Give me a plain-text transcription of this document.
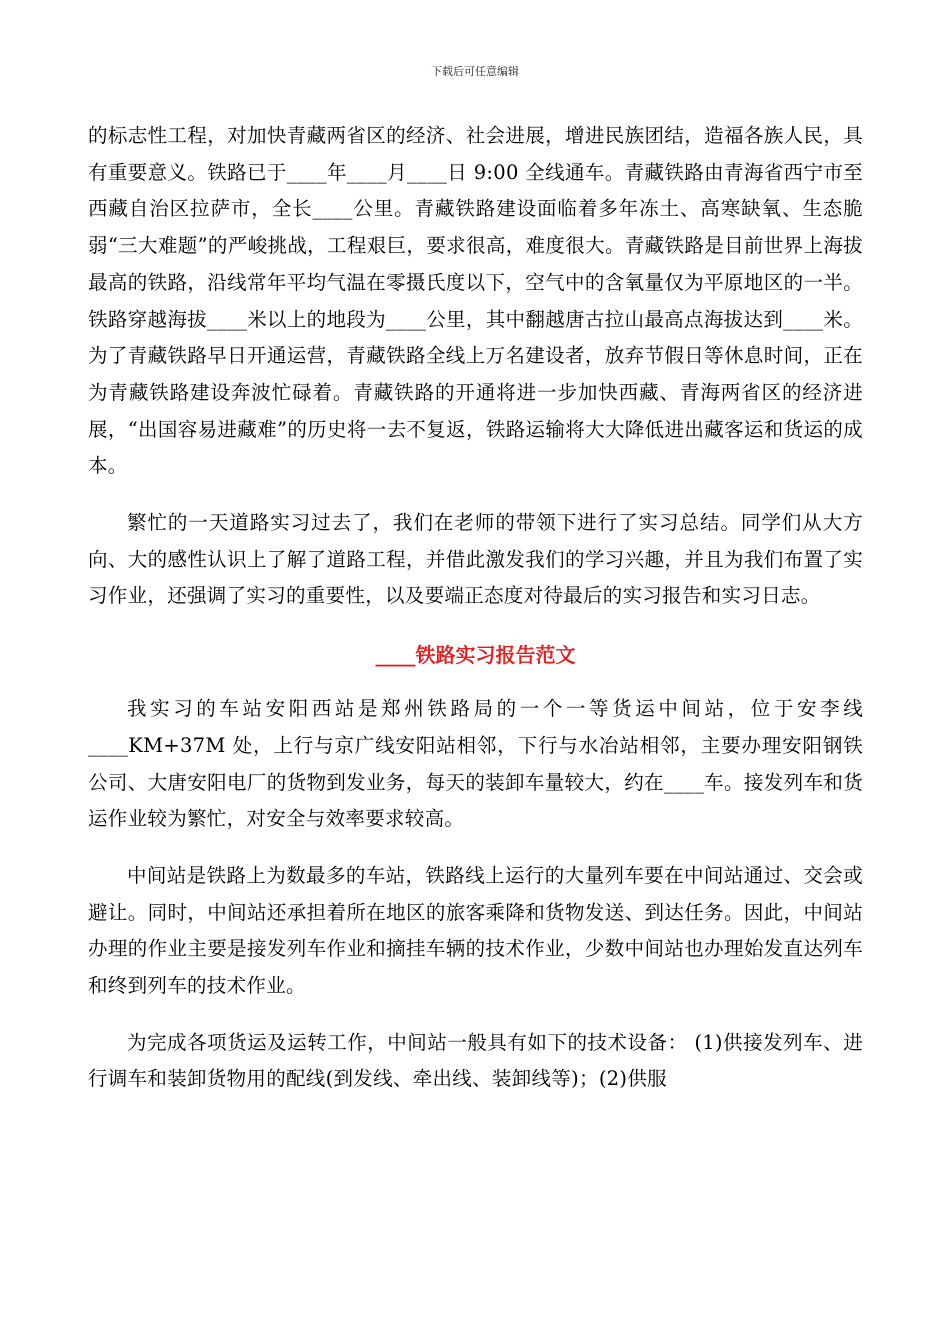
下载后可任意编辑

的标志性工程，对加快青藏两省区的经济、社会进展，增进民族团结，造福各族人民，具有重要意义。铁路已于____年____月____日 9:00 全线通车。青藏铁路由青海省西宁市至西藏自治区拉萨市，全长____公里。青藏铁路建设面临着多年冻土、高寒缺氧、生态脆弱“三大难题”的严峻挑战，工程艰巨，要求很高，难度很大。青藏铁路是目前世界上海拔最高的铁路，沿线常年平均气温在零摄氏度以下，空气中的含氧量仅为平原地区的一半。铁路穿越海拔____米以上的地段为____公里，其中翻越唐古拉山最高点海拔达到____米。为了青藏铁路早日开通运营，青藏铁路全线上万名建设者，放弃节假日等休息时间，正在为青藏铁路建设奔波忙碌着。青藏铁路的开通将进一步加快西藏、青海两省区的经济进展，“出国容易进藏难”的历史将一去不复返，铁路运输将大大降低进出藏客运和货运的成本。

繁忙的一天道路实习过去了，我们在老师的带领下进行了实习总结。同学们从大方向、大的感性认识上了解了道路工程，并借此激发我们的学习兴趣，并且为我们布置了实习作业，还强调了实习的重要性，以及要端正态度对待最后的实习报告和实习日志。

____铁路实习报告范文

我实习的车站安阳西站是郑州铁路局的一个一等货运中间站，位于安李线____KM+37M 处，上行与京广线安阳站相邻，下行与水冶站相邻，主要办理安阳钢铁公司、大唐安阳电厂的货物到发业务，每天的装卸车量较大，约在____车。接发列车和货运作业较为繁忙，对安全与效率要求较高。

中间站是铁路上为数最多的车站，铁路线上运行的大量列车要在中间站通过、交会或避让。同时，中间站还承担着所在地区的旅客乘降和货物发送、到达任务。因此，中间站办理的作业主要是接发列车作业和摘挂车辆的技术作业，少数中间站也办理始发直达列车和终到列车的技术作业。

为完成各项货运及运转工作，中间站一般具有如下的技术设备： (1)供接发列车、进行调车和装卸货物用的配线(到发线、牵出线、装卸线等)；(2)供服
